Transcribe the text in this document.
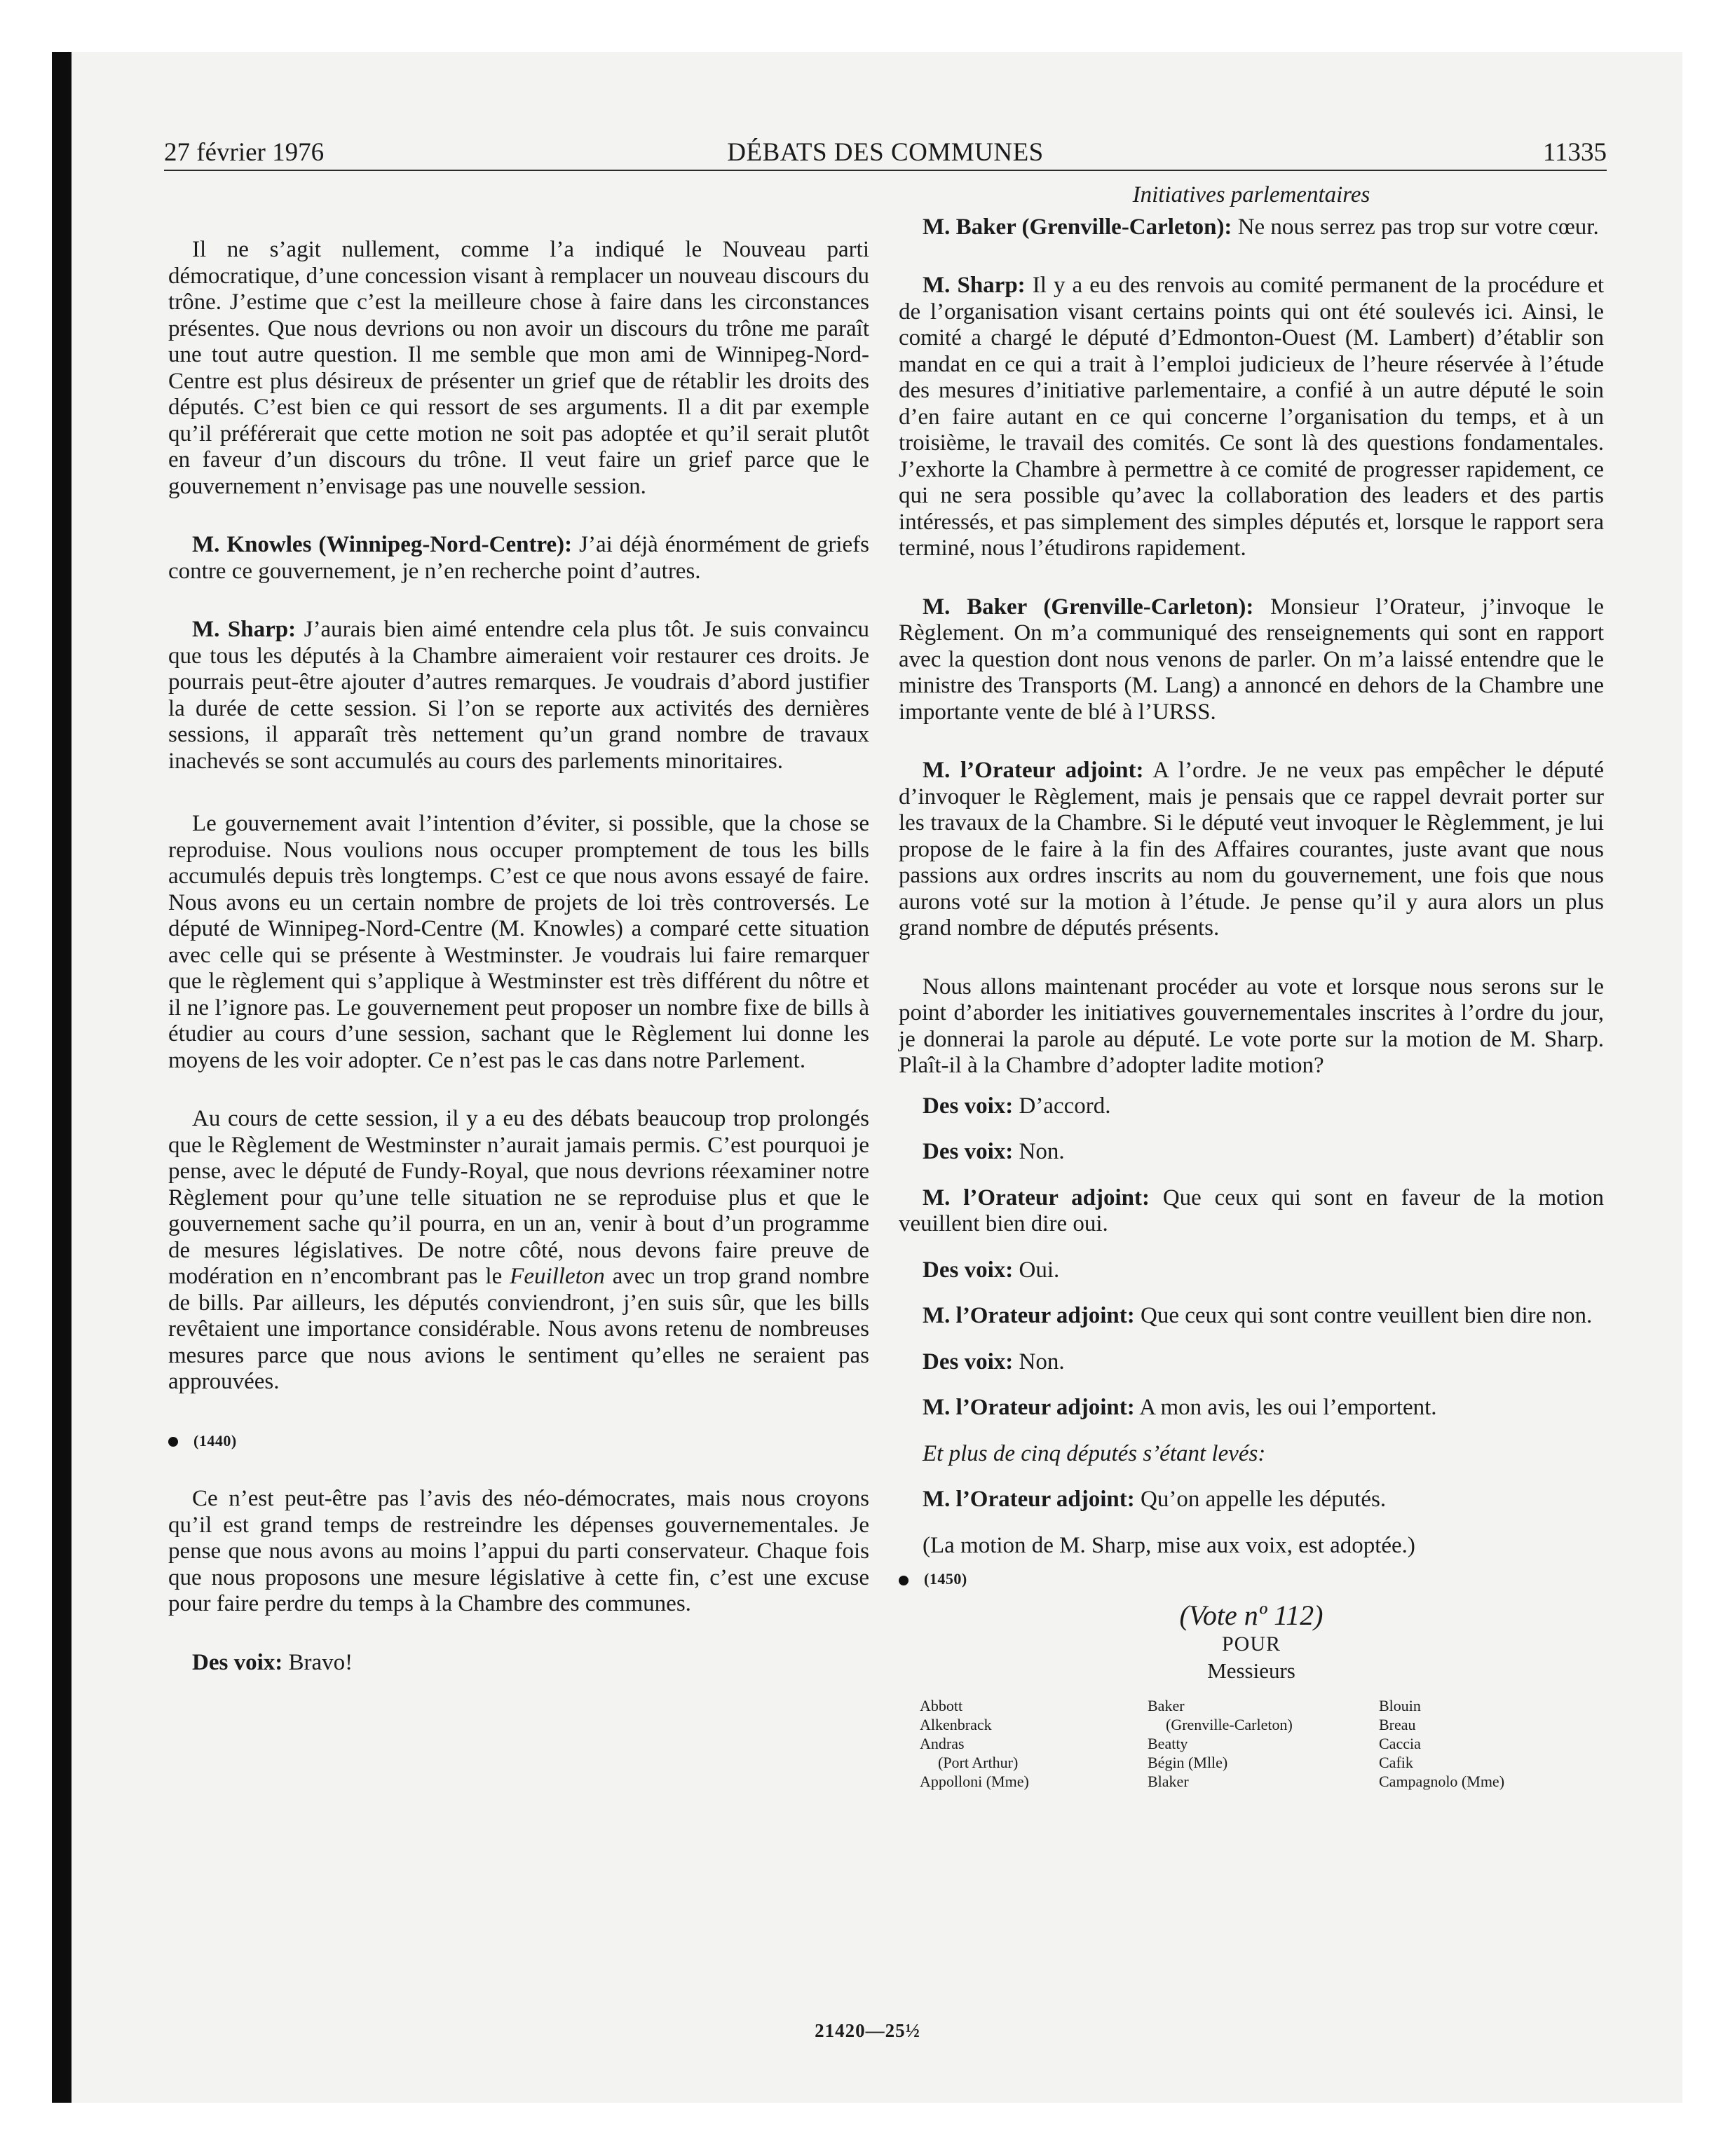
27 février 1976	DÉBATS DES COMMUNES	11335

Il ne s’agit nullement, comme l’a indiqué le Nouveau parti démocratique, d’une concession visant à remplacer un nouveau discours du trône. J’estime que c’est la meilleure chose à faire dans les circonstances présentes. Que nous devrions ou non avoir un discours du trône me paraît une tout autre question. Il me semble que mon ami de Winnipeg-Nord-Centre est plus désireux de présenter un grief que de rétablir les droits des députés. C’est bien ce qui ressort de ses arguments. Il a dit par exemple qu’il préférerait que cette motion ne soit pas adoptée et qu’il serait plutôt en faveur d’un discours du trône. Il veut faire un grief parce que le gouvernement n’envisage pas une nouvelle session.

M. Knowles (Winnipeg-Nord-Centre): J’ai déjà énormément de griefs contre ce gouvernement, je n’en recherche point d’autres.

M. Sharp: J’aurais bien aimé entendre cela plus tôt. Je suis convaincu que tous les députés à la Chambre aimeraient voir restaurer ces droits. Je pourrais peut-être ajouter d’autres remarques. Je voudrais d’abord justifier la durée de cette session. Si l’on se reporte aux activités des dernières sessions, il apparaît très nettement qu’un grand nombre de travaux inachevés se sont accumulés au cours des parlements minoritaires.

Le gouvernement avait l’intention d’éviter, si possible, que la chose se reproduise. Nous voulions nous occuper promptement de tous les bills accumulés depuis très longtemps. C’est ce que nous avons essayé de faire. Nous avons eu un certain nombre de projets de loi très controversés. Le député de Winnipeg-Nord-Centre (M. Knowles) a comparé cette situation avec celle qui se présente à Westminster. Je voudrais lui faire remarquer que le règlement qui s’applique à Westminster est très différent du nôtre et il ne l’ignore pas. Le gouvernement peut proposer un nombre fixe de bills à étudier au cours d’une session, sachant que le Règlement lui donne les moyens de les voir adopter. Ce n’est pas le cas dans notre Parlement.

Au cours de cette session, il y a eu des débats beaucoup trop prolongés que le Règlement de Westminster n’aurait jamais permis. C’est pourquoi je pense, avec le député de Fundy-Royal, que nous devrions réexaminer notre Règlement pour qu’une telle situation ne se reproduise plus et que le gouvernement sache qu’il pourra, en un an, venir à bout d’un programme de mesures législatives. De notre côté, nous devons faire preuve de modération en n’encombrant pas le Feuilleton avec un trop grand nombre de bills. Par ailleurs, les députés conviendront, j’en suis sûr, que les bills revêtaient une importance considérable. Nous avons retenu de nombreuses mesures parce que nous avions le sentiment qu’elles ne seraient pas approuvées.

(1440)

Ce n’est peut-être pas l’avis des néo-démocrates, mais nous croyons qu’il est grand temps de restreindre les dépenses gouvernementales. Je pense que nous avons au moins l’appui du parti conservateur. Chaque fois que nous proposons une mesure législative à cette fin, c’est une excuse pour faire perdre du temps à la Chambre des communes.

Des voix: Bravo!

Initiatives parlementaires

M. Baker (Grenville-Carleton): Ne nous serrez pas trop sur votre cœur.

M. Sharp: Il y a eu des renvois au comité permanent de la procédure et de l’organisation visant certains points qui ont été soulevés ici. Ainsi, le comité a chargé le député d’Edmonton-Ouest (M. Lambert) d’établir son mandat en ce qui a trait à l’emploi judicieux de l’heure réservée à l’étude des mesures d’initiative parlementaire, a confié à un autre député le soin d’en faire autant en ce qui concerne l’organisation du temps, et à un troisième, le travail des comités. Ce sont là des questions fondamentales. J’exhorte la Chambre à permettre à ce comité de progresser rapidement, ce qui ne sera possible qu’avec la collaboration des leaders et des partis intéressés, et pas simplement des simples députés et, lorsque le rapport sera terminé, nous l’étudirons rapidement.

M. Baker (Grenville-Carleton): Monsieur l’Orateur, j’invoque le Règlement. On m’a communiqué des renseignements qui sont en rapport avec la question dont nous venons de parler. On m’a laissé entendre que le ministre des Transports (M. Lang) a annoncé en dehors de la Chambre une importante vente de blé à l’URSS.

M. l’Orateur adjoint: A l’ordre. Je ne veux pas empêcher le député d’invoquer le Règlement, mais je pensais que ce rappel devrait porter sur les travaux de la Chambre. Si le député veut invoquer le Règlemment, je lui propose de le faire à la fin des Affaires courantes, juste avant que nous passions aux ordres inscrits au nom du gouvernement, une fois que nous aurons voté sur la motion à l’étude. Je pense qu’il y aura alors un plus grand nombre de députés présents.

Nous allons maintenant procéder au vote et lorsque nous serons sur le point d’aborder les initiatives gouvernementales inscrites à l’ordre du jour, je donnerai la parole au député. Le vote porte sur la motion de M. Sharp. Plaît-il à la Chambre d’adopter ladite motion?

Des voix: D’accord.

Des voix: Non.

M. l’Orateur adjoint: Que ceux qui sont en faveur de la motion veuillent bien dire oui.

Des voix: Oui.

M. l’Orateur adjoint: Que ceux qui sont contre veuillent bien dire non.

Des voix: Non.

M. l’Orateur adjoint: A mon avis, les oui l’emportent.

Et plus de cinq députés s’étant levés:

M. l’Orateur adjoint: Qu’on appelle les députés.

(La motion de M. Sharp, mise aux voix, est adoptée.)

(1450)
(Vote nº 112)
POUR
Messieurs
Abbott
Alkenbrack
Andras
(Port Arthur)
Appolloni (Mme)
Baker
(Grenville-Carleton)
Beatty
Bégin (Mlle)
Blaker
Blouin
Breau
Caccia
Cafik
Campagnolo (Mme)
21420—25½
